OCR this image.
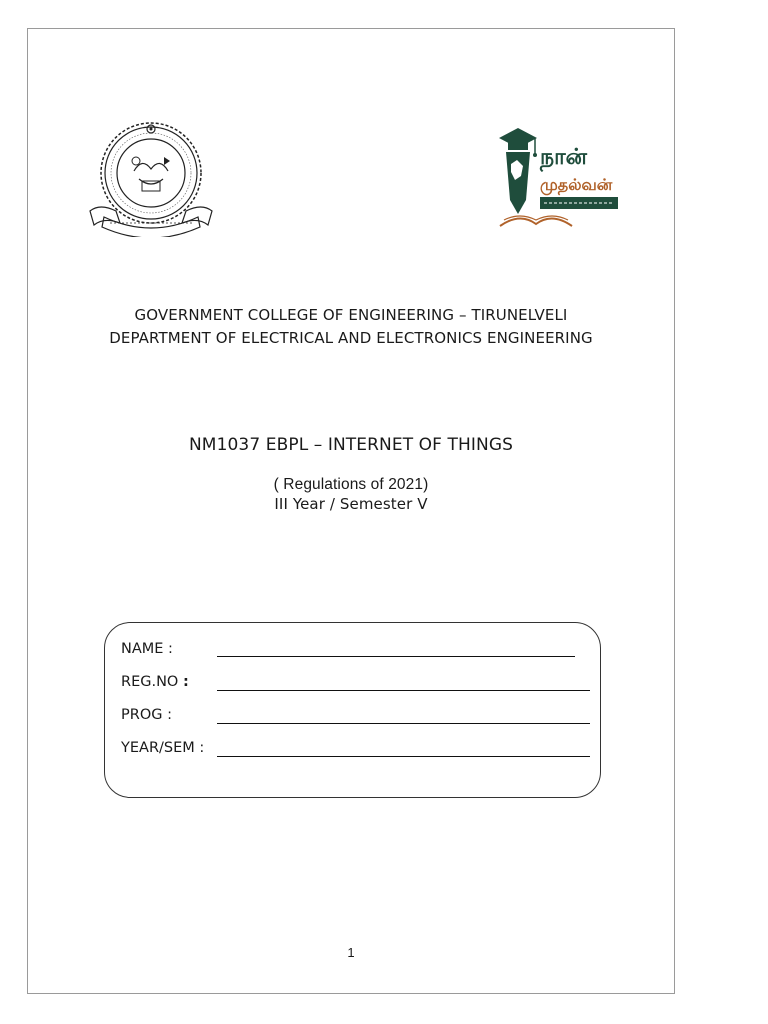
நான்
முதல்வன்
GOVERNMENT COLLEGE OF ENGINEERING – TIRUNELVELI
DEPARTMENT OF ELECTRICAL AND ELECTRONICS ENGINEERING
NM1037 EBPL – INTERNET OF THINGS
( Regulations of 2021)
III Year / Semester V
NAME :
REG.NO :
PROG :
YEAR/SEM :
1
